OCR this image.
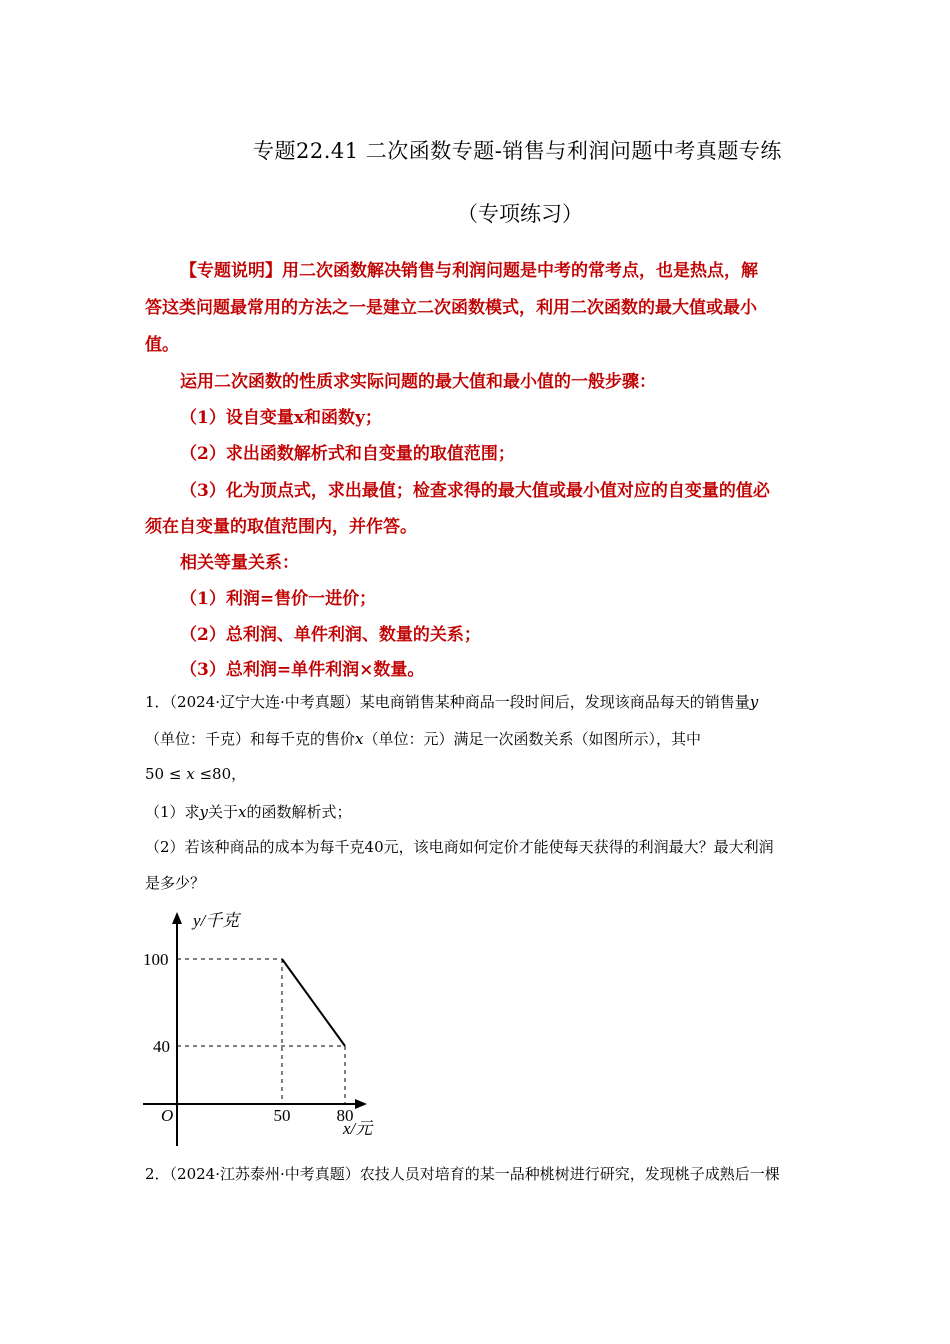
专题22.41 二次函数专题-销售与利润问题中考真题专练
（专项练习）
【专题说明】用二次函数解决销售与利润问题是中考的常考点，也是热点，解
答这类问题最常用的方法之一是建立二次函数模式，利用二次函数的最大值或最小
值。
运用二次函数的性质求实际问题的最大值和最小值的一般步骤：
（1）设自变量x和函数y；
（2）求出函数解析式和自变量的取值范围；
（3）化为顶点式，求出最值；检查求得的最大值或最小值对应的自变量的值必
须在自变量的取值范围内，并作答。
相关等量关系：
（1）利润=售价一进价；
（2）总利润、单件利润、数量的关系；
（3）总利润=单件利润×数量。
1．（2024·辽宁大连·中考真题）某电商销售某种商品一段时间后，发现该商品每天的销售量y
（单位：千克）和每千克的售价x（单位：元）满足一次函数关系（如图所示），其中
50 ≤ x ≤80，
（1）求y关于x的函数解析式；
（2）若该种商品的成本为每千克40元，该电商如何定价才能使每天获得的利润最大？最大利润
是多少？
y/千克
100
40
O	50	80
x/元
2．（2024·江苏泰州·中考真题）农技人员对培育的某一品种桃树进行研究，发现桃子成熟后一棵
